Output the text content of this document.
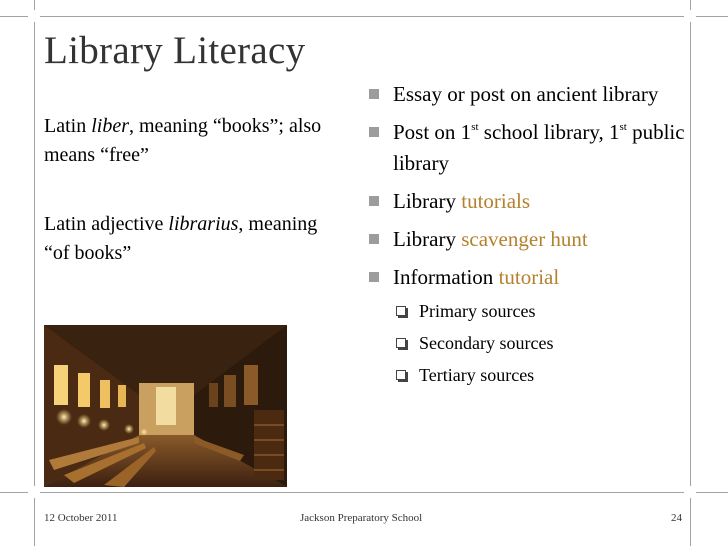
Library Literacy

Latin liber, meaning “books”; also means “free”

Latin adjective librarius, meaning “of books”

Essay or post on ancient library
Post on 1st school library, 1st public library
Library tutorials
Library scavenger hunt
Information tutorial
Primary sources
Secondary sources
Tertiary sources
12 October 2011	Jackson Preparatory School	24
